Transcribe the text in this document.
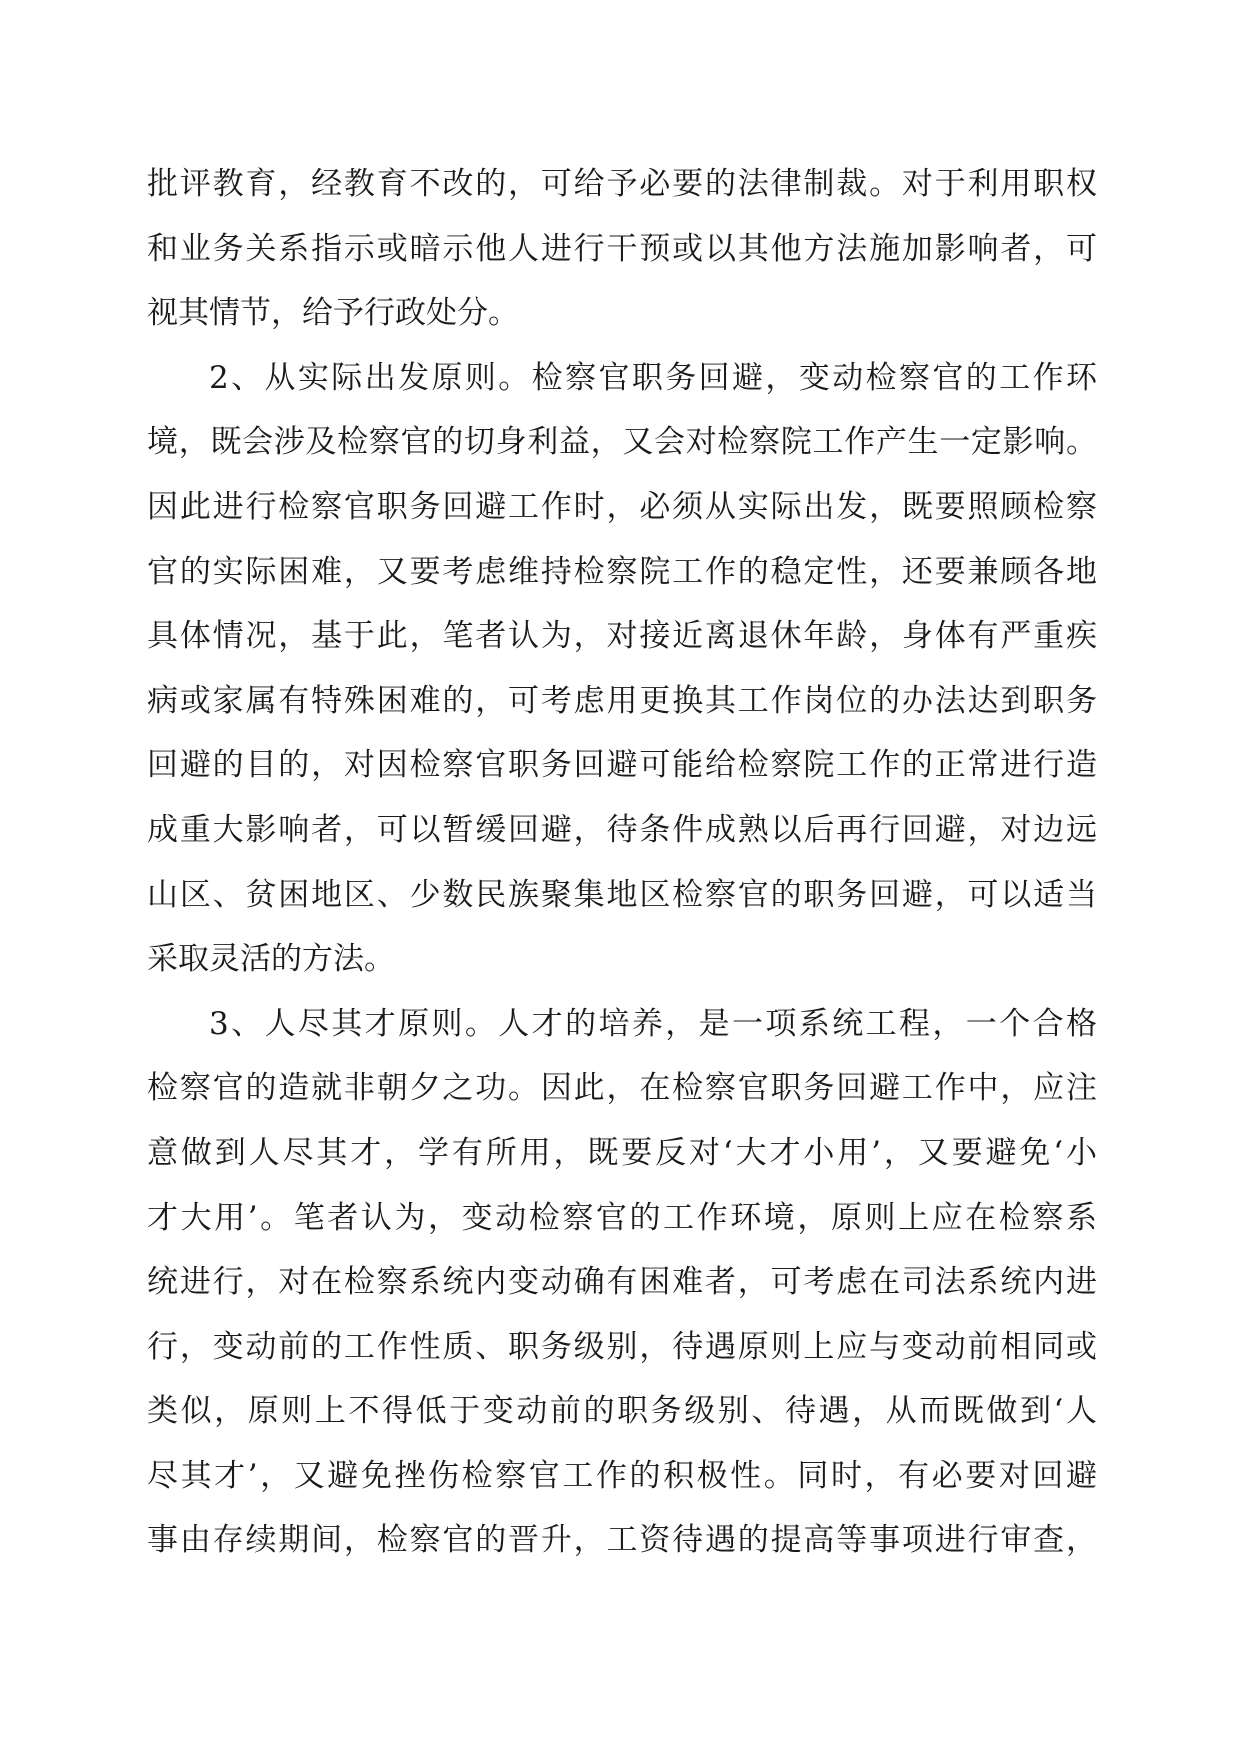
批评教育，经教育不改的，可给予必要的法律制裁。对于利用职权
和业务关系指示或暗示他人进行干预或以其他方法施加影响者，可
视其情节，给予行政处分。
2、从实际出发原则。检察官职务回避，变动检察官的工作环
境，既会涉及检察官的切身利益，又会对检察院工作产生一定影响。
因此进行检察官职务回避工作时，必须从实际出发，既要照顾检察
官的实际困难，又要考虑维持检察院工作的稳定性，还要兼顾各地
具体情况，基于此，笔者认为，对接近离退休年龄，身体有严重疾
病或家属有特殊困难的，可考虑用更换其工作岗位的办法达到职务
回避的目的，对因检察官职务回避可能给检察院工作的正常进行造
成重大影响者，可以暂缓回避，待条件成熟以后再行回避，对边远
山区、贫困地区、少数民族聚集地区检察官的职务回避，可以适当
采取灵活的方法。
3、人尽其才原则。人才的培养，是一项系统工程，一个合格
检察官的造就非朝夕之功。因此，在检察官职务回避工作中，应注
意做到人尽其才，学有所用，既要反对‘大才小用’，又要避免‘小
才大用’。笔者认为，变动检察官的工作环境，原则上应在检察系
统进行，对在检察系统内变动确有困难者，可考虑在司法系统内进
行，变动前的工作性质、职务级别，待遇原则上应与变动前相同或
类似，原则上不得低于变动前的职务级别、待遇，从而既做到‘人
尽其才’，又避免挫伤检察官工作的积极性。同时，有必要对回避
事由存续期间，检察官的晋升，工资待遇的提高等事项进行审查，
